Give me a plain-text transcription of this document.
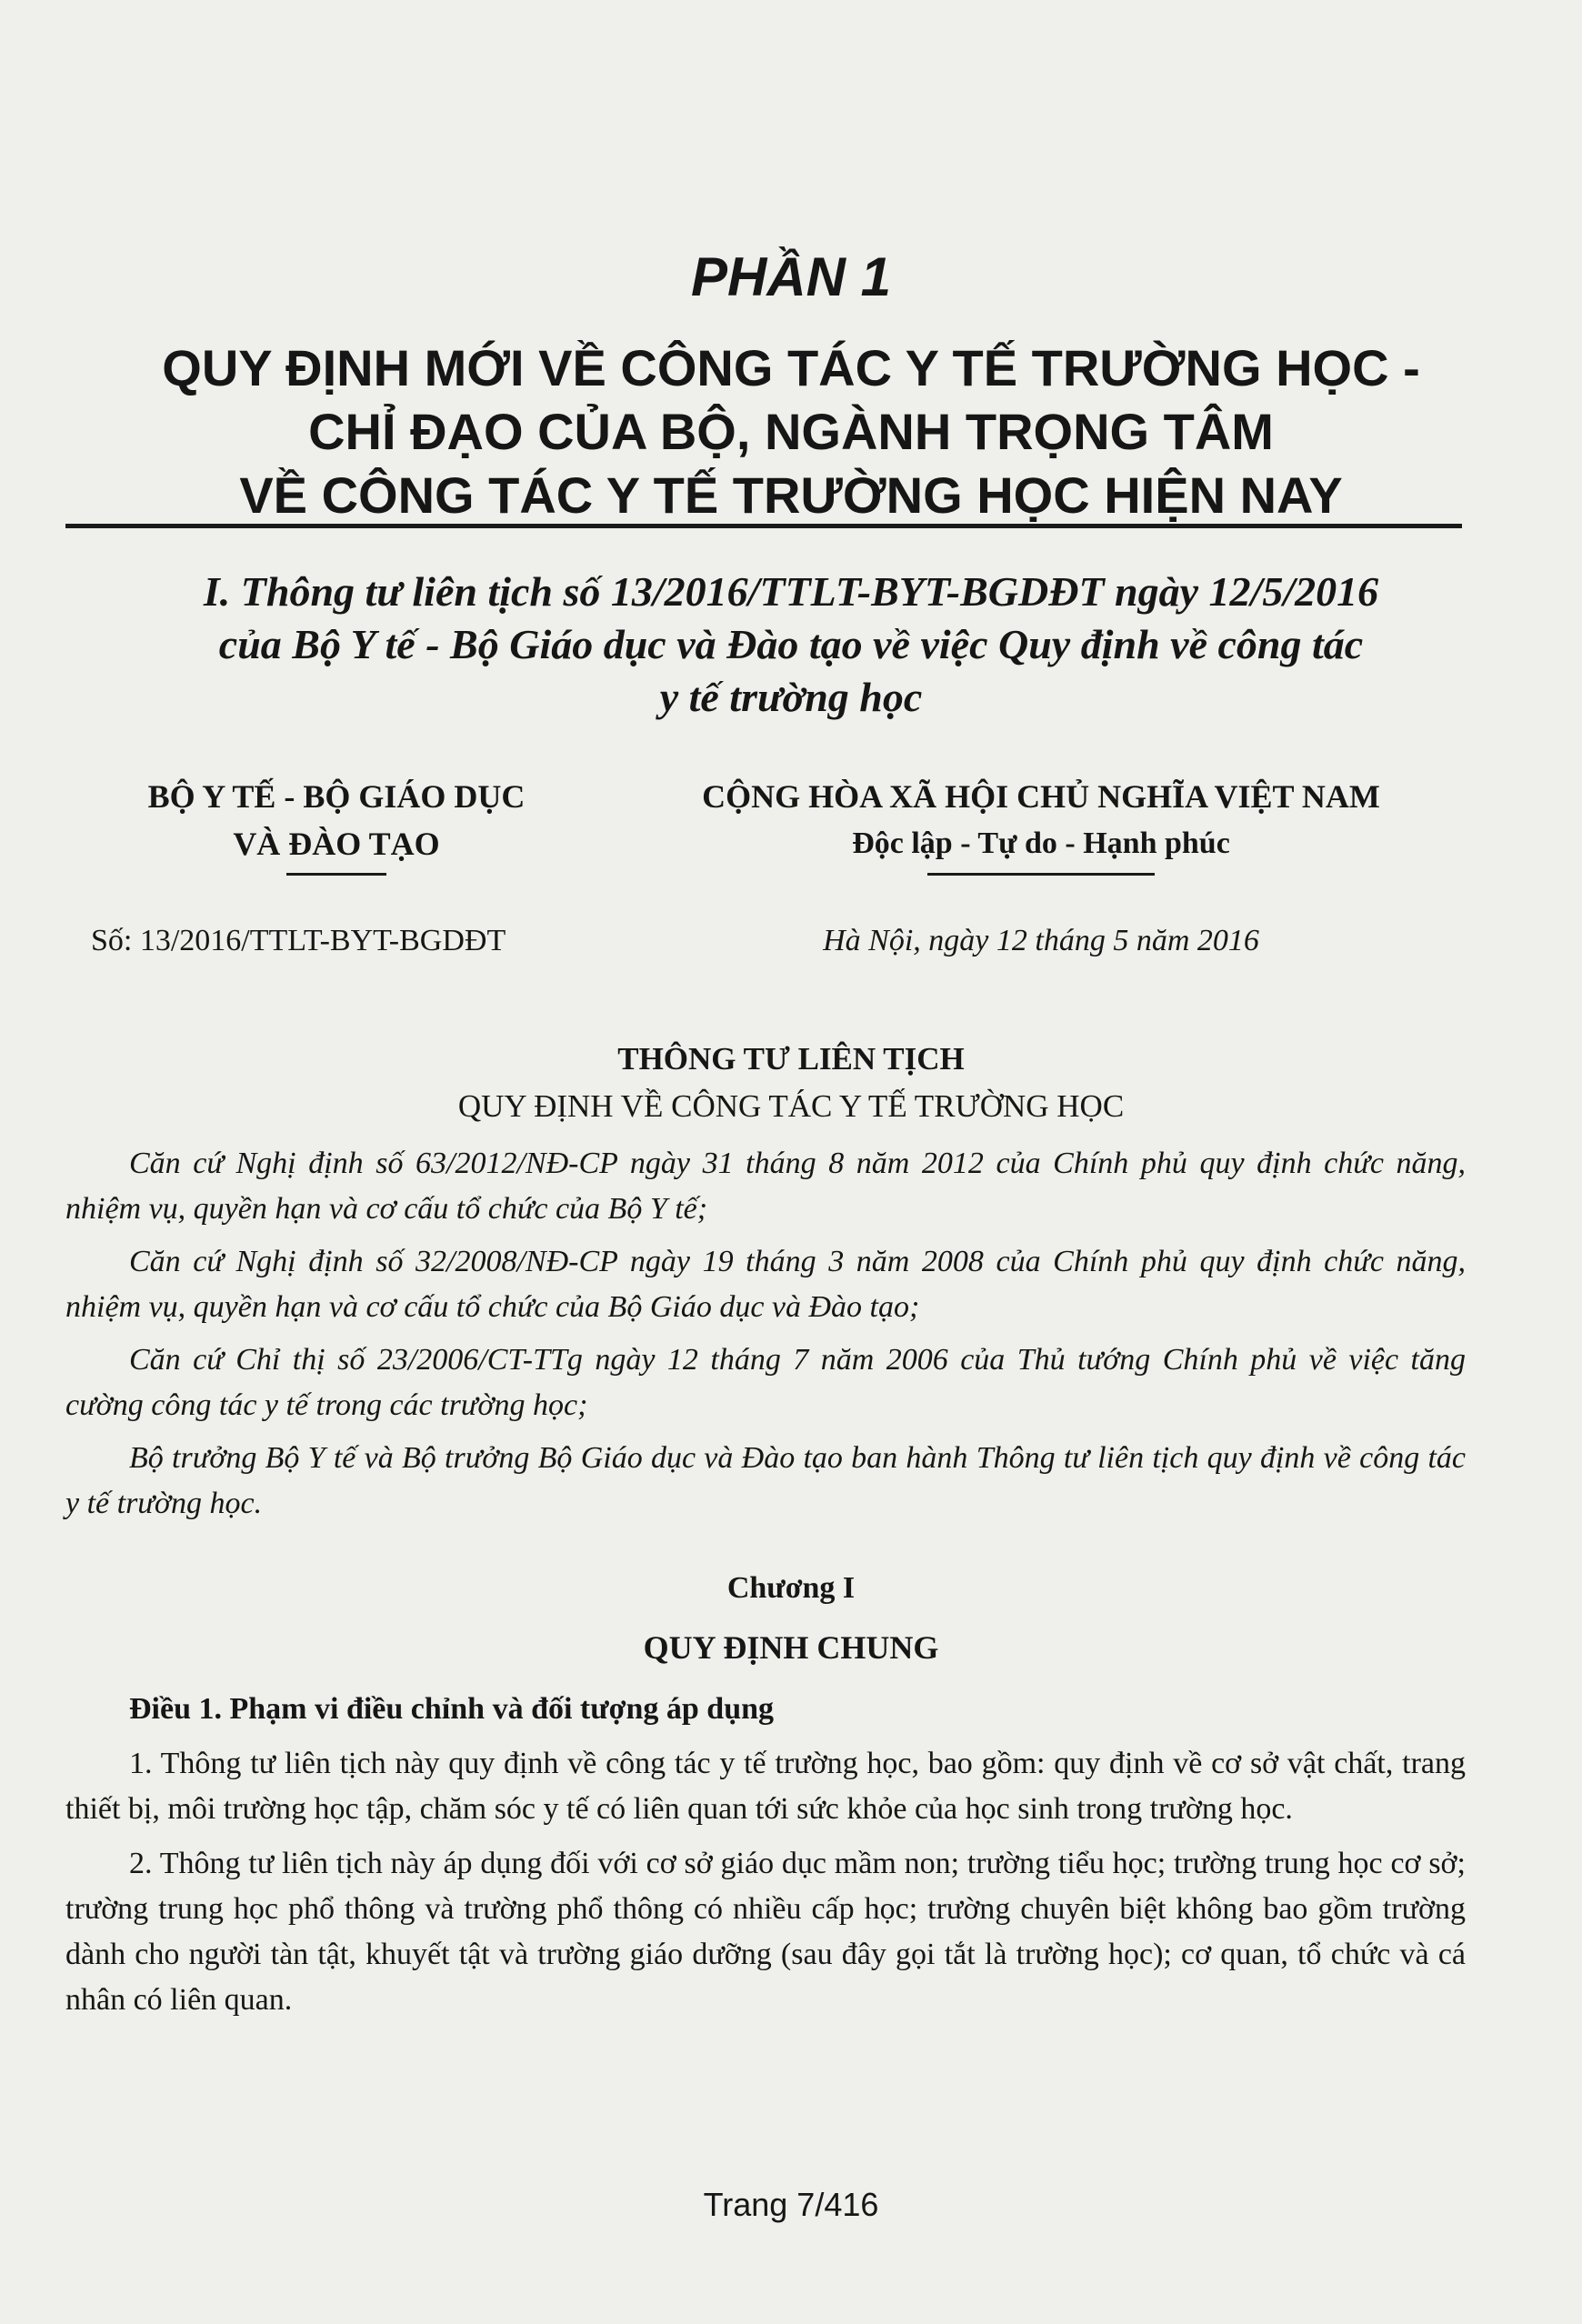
PHẦN 1
QUY ĐỊNH MỚI VỀ CÔNG TÁC Y TẾ TRƯỜNG HỌC -
CHỈ ĐẠO CỦA BỘ, NGÀNH TRỌNG TÂM
VỀ CÔNG TÁC Y TẾ TRƯỜNG HỌC HIỆN NAY
I. Thông tư liên tịch số 13/2016/TTLT-BYT-BGDĐT ngày 12/5/2016
của Bộ Y tế - Bộ Giáo dục và Đào tạo về việc Quy định về công tác
y tế trường học
BỘ Y TẾ - BỘ GIÁO DỤC
VÀ ĐÀO TẠO
CỘNG HÒA XÃ HỘI CHỦ NGHĨA VIỆT NAM
Độc lập - Tự do - Hạnh phúc
Số: 13/2016/TTLT-BYT-BGDĐT	Hà Nội, ngày 12 tháng 5 năm 2016
THÔNG TƯ LIÊN TỊCH
QUY ĐỊNH VỀ CÔNG TÁC Y TẾ TRƯỜNG HỌC

Căn cứ Nghị định số 63/2012/NĐ-CP ngày 31 tháng 8 năm 2012 của Chính phủ quy định chức năng, nhiệm vụ, quyền hạn và cơ cấu tổ chức của Bộ Y tế;

Căn cứ Nghị định số 32/2008/NĐ-CP ngày 19 tháng 3 năm 2008 của Chính phủ quy định chức năng, nhiệm vụ, quyền hạn và cơ cấu tổ chức của Bộ Giáo dục và Đào tạo;

Căn cứ Chỉ thị số 23/2006/CT-TTg ngày 12 tháng 7 năm 2006 của Thủ tướng Chính phủ về việc tăng cường công tác y tế trong các trường học;

Bộ trưởng Bộ Y tế và Bộ trưởng Bộ Giáo dục và Đào tạo ban hành Thông tư liên tịch quy định về công tác y tế trường học.

Chương I
QUY ĐỊNH CHUNG
Điều 1. Phạm vi điều chỉnh và đối tượng áp dụng

1. Thông tư liên tịch này quy định về công tác y tế trường học, bao gồm: quy định về cơ sở vật chất, trang thiết bị, môi trường học tập, chăm sóc y tế có liên quan tới sức khỏe của học sinh trong trường học.

2. Thông tư liên tịch này áp dụng đối với cơ sở giáo dục mầm non; trường tiểu học; trường trung học cơ sở; trường trung học phổ thông và trường phổ thông có nhiều cấp học; trường chuyên biệt không bao gồm trường dành cho người tàn tật, khuyết tật và trường giáo dưỡng (sau đây gọi tắt là trường học); cơ quan, tổ chức và cá nhân có liên quan.

Trang 7/416
